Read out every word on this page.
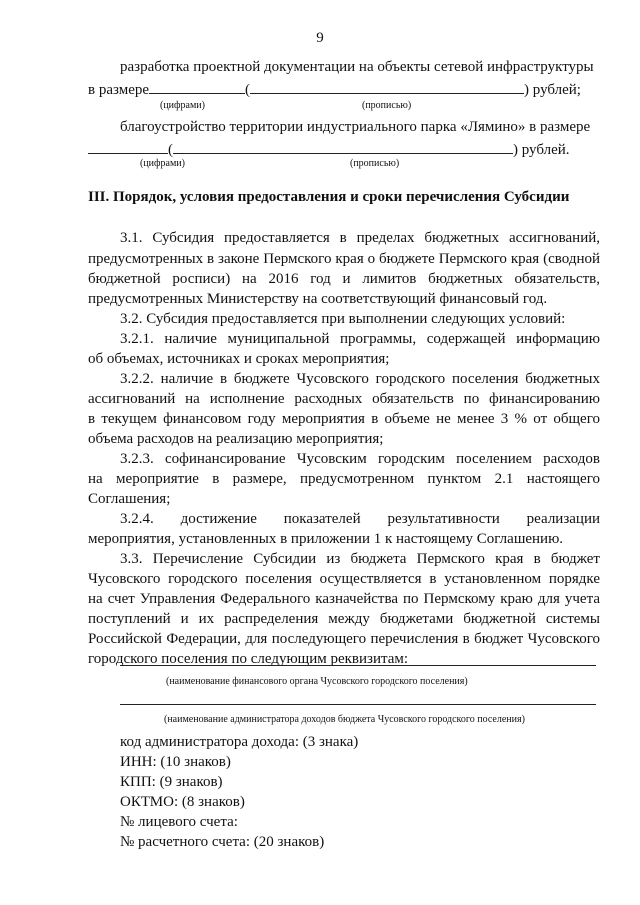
9
разработка проектной документации на объекты сетевой инфраструктуры
в размере	(	) рублей;
(цифрами)	(прописью)
благоустройство территории индустриального парка «Лямино» в размере
(	) рублей.
(цифрами)	(прописью)
III. Порядок, условия предоставления и сроки перечисления Субсидии
3.1. Субсидия предоставляется в пределах бюджетных ассигнований,
предусмотренных в законе Пермского края о бюджете Пермского края (сводной
бюджетной росписи) на 2016 год и лимитов бюджетных обязательств,
предусмотренных Министерству на соответствующий финансовый год.
3.2. Субсидия предоставляется при выполнении следующих условий:
3.2.1. наличие муниципальной программы, содержащей информацию
об объемах, источниках и сроках мероприятия;
3.2.2. наличие в бюджете Чусовского городского поселения бюджетных
ассигнований на исполнение расходных обязательств по финансированию
в текущем финансовом году мероприятия в объеме не менее 3 % от общего
объема расходов на реализацию мероприятия;
3.2.3. софинансирование Чусовским городским поселением расходов
на мероприятие в размере, предусмотренном пунктом 2.1 настоящего
Соглашения;
3.2.4. достижение показателей результативности реализации
мероприятия, установленных в приложении 1 к настоящему Соглашению.
3.3. Перечисление Субсидии из бюджета Пермского края в бюджет
Чусовского городского поселения осуществляется в установленном порядке
на счет Управления Федерального казначейства по Пермскому краю для учета
поступлений и их распределения между бюджетами бюджетной системы
Российской Федерации, для последующего перечисления в бюджет Чусовского
городского поселения по следующим реквизитам:
(наименование финансового органа Чусовского городского поселения)
(наименование администратора доходов бюджета Чусовского городского поселения)
код администратора дохода: (3 знака)
ИНН: (10 знаков)
КПП: (9 знаков)
ОКТМО: (8 знаков)
№ лицевого счета:
№ расчетного счета: (20 знаков)
